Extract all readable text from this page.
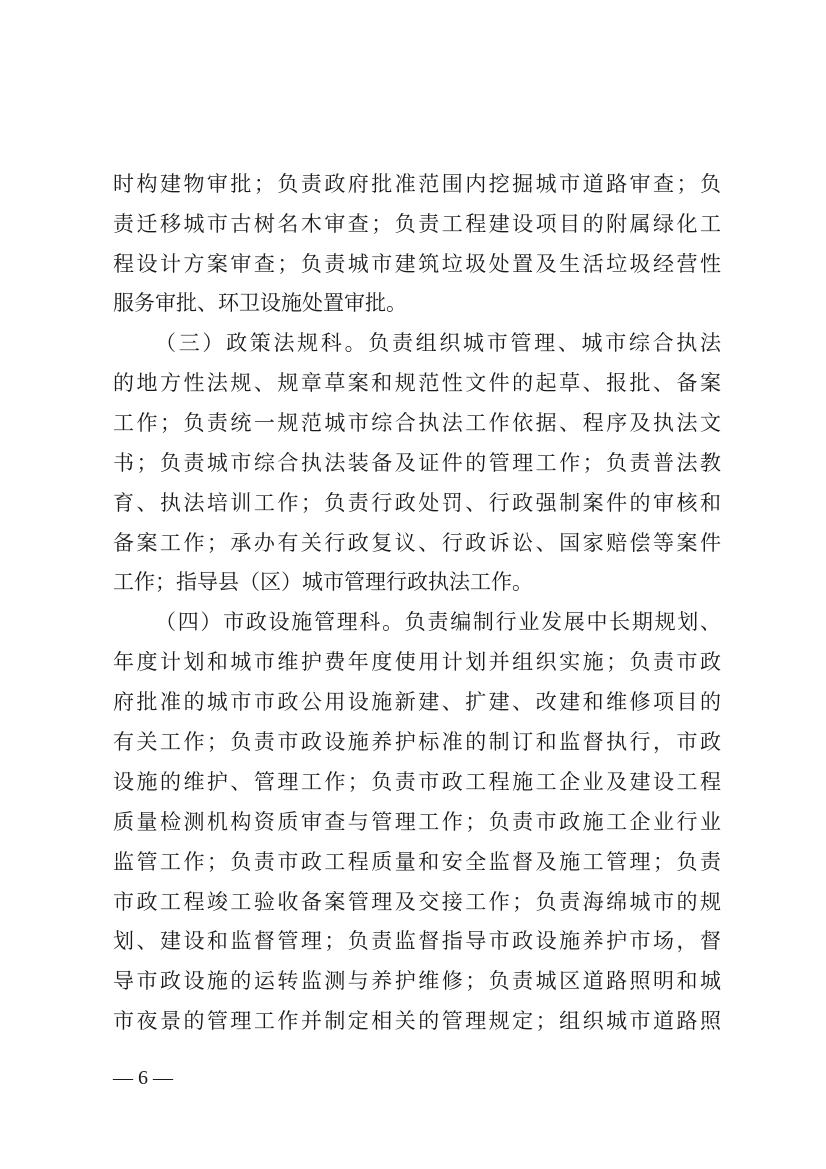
时构建物审批；负责政府批准范围内挖掘城市道路审查；负
责迁移城市古树名木审查；负责工程建设项目的附属绿化工
程设计方案审查；负责城市建筑垃圾处置及生活垃圾经营性
服务审批、环卫设施处置审批。
（三）政策法规科。负责组织城市管理、城市综合执法
的地方性法规、规章草案和规范性文件的起草、报批、备案
工作；负责统一规范城市综合执法工作依据、程序及执法文
书；负责城市综合执法装备及证件的管理工作；负责普法教
育、执法培训工作；负责行政处罚、行政强制案件的审核和
备案工作；承办有关行政复议、行政诉讼、国家赔偿等案件
工作；指导县（区）城市管理行政执法工作。
（四）市政设施管理科。负责编制行业发展中长期规划、
年度计划和城市维护费年度使用计划并组织实施；负责市政
府批准的城市市政公用设施新建、扩建、改建和维修项目的
有关工作；负责市政设施养护标准的制订和监督执行，市政
设施的维护、管理工作；负责市政工程施工企业及建设工程
质量检测机构资质审查与管理工作；负责市政施工企业行业
监管工作；负责市政工程质量和安全监督及施工管理；负责
市政工程竣工验收备案管理及交接工作；负责海绵城市的规
划、建设和监督管理；负责监督指导市政设施养护市场，督
导市政设施的运转监测与养护维修；负责城区道路照明和城
市夜景的管理工作并制定相关的管理规定；组织城市道路照
— 6 —
